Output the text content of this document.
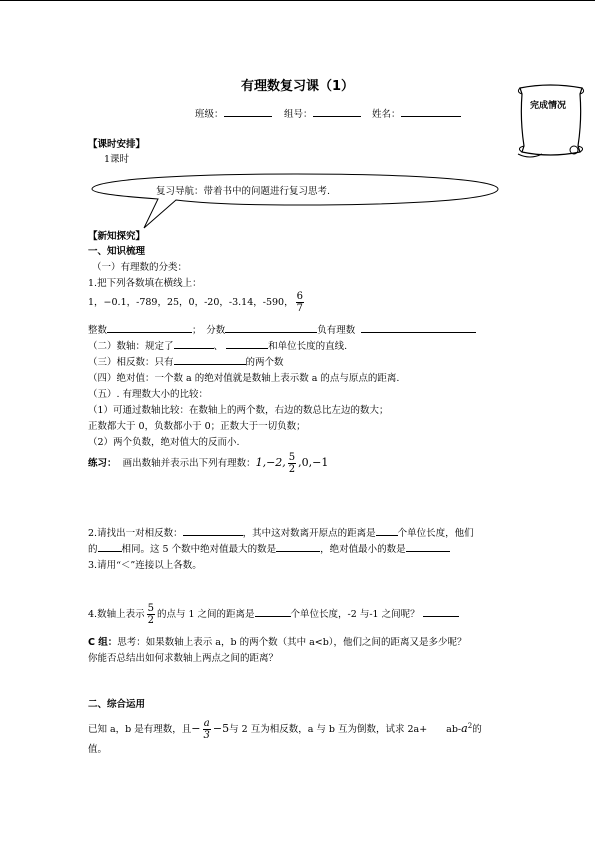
有理数复习课（1）
完成情况
班级：	组号：	姓名：
【课时安排】
1课时
复习导航：带着书中的问题进行复习思考.
【新知探究】
一、知识梳理
（一）有理数的分类：
1.把下列各数填在横线上：
1，−0.1，-789，25，0，-20，-3.14，-590， $\frac{6}{7}$
整数	；　分数	负有理数
（二）数轴：规定了	、	和单位长度的直线.
（三）相反数：只有	的两个数
（四）绝对值：一个数 a 的绝对值就是数轴上表示数 a 的点与原点的距离.
（五）. 有理数大小的比较：
（1）可通过数轴比较：在数轴上的两个数，右边的数总比左边的数大；
正数都大于 0，负数都小于 0；正数大于一切负数；
（2）两个负数，绝对值大的反而小.
练习： 画出数轴并表示出下列有理数：1,−2, $\frac{5}{2} ,0,-1$
2.请找出一对相反数：	，其中这对数离开原点的距离是 个单位长度，他们
的	相同。这 5 个数中绝对值最大的数是	，绝对值最小的数是
3.请用“＜”连接以上各数。
4.数轴上表示 $\frac{5}{2}$ 的点与 1 之间的距离是	个单位长度，-2 与-1 之间呢？
C 组：思考：如果数轴上表示 a，b 的两个数（其中 a<b），他们之间的距离又是多少呢？
你能否总结出如何求数轴上两点之间的距离？
二、综合运用
已知 a，b 是有理数，且− $\frac{a}{3} -5$与 2 互为相反数，a 与 b 互为倒数，试求 2a+　　$ab-a^2$的
值。
